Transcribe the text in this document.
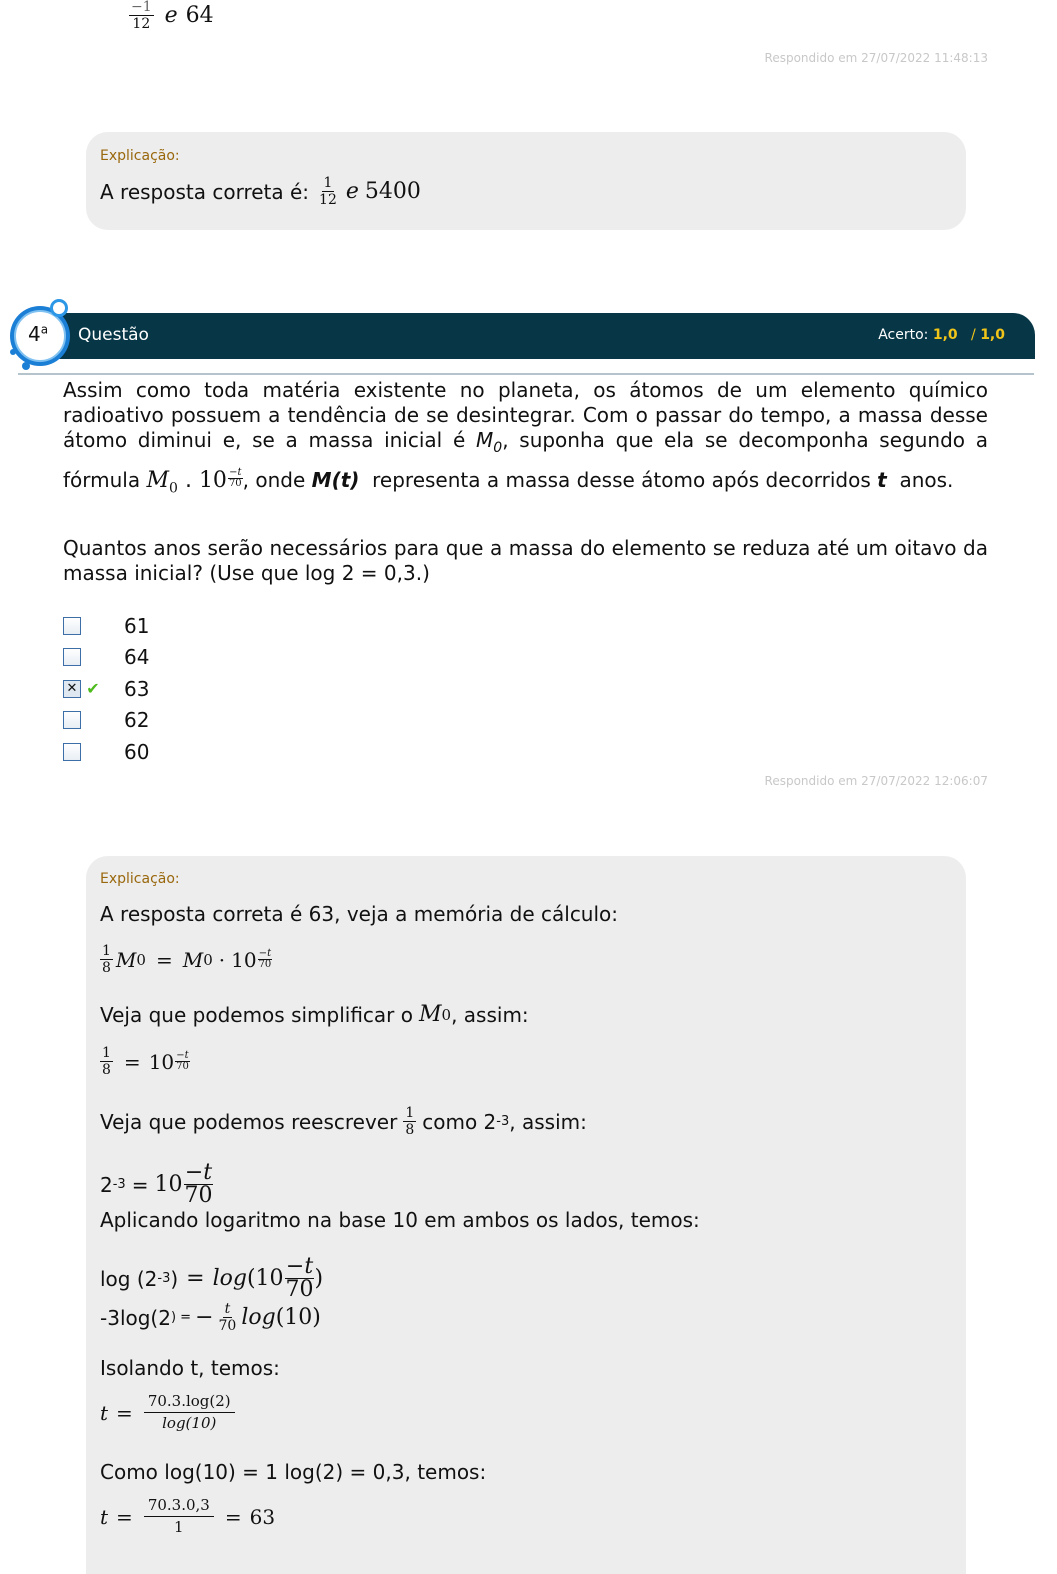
$\frac{-1}{12}$ e 64
Respondido em 27/07/2022 11:48:13
Explicação:
A resposta correta é: $\frac{1}{12}$ e 5400
Questão	Acerto: 1,0 / 1,0
4$^a$
Assim como toda matéria existente no planeta, os átomos de um elemento químico radioativo possuem a tendência de se desintegrar. Com o passar do tempo, a massa desse átomo diminui e, se a massa inicial é $M_0$, suponha que ela se decomponha segundo a fórmula $M_0$ . $10 \frac{-t}{70}$ , onde M(t) representa a massa desse átomo após decorridos t anos.
Quantos anos serão necessários para que a massa do elemento se reduza até um oitavo da massa inicial? (Use que log 2 = 0,3.)
61
64
✕ ✔ 63
62
60
Respondido em 27/07/2022 12:06:07
Explicação:
A resposta correta é 63, veja a memória de cálculo:
$\frac{1}{8}$ M 0 = M $0 \cdot 10 \frac{-t}{70}$
Veja que podemos simplificar o M 0 , assim:
$\frac{1}{8} = 10 \frac{-t}{70}$
Veja que podemos reescrever $\frac{1}{8}$ como 2 -3 , assim:
2 $-3 = 10 \frac{-t}{70}$
Aplicando logaritmo na base 10 em ambos os lados, temos:
log (2 -3 ) = $\log (10 \frac{-t}{70}$ )
-3log(2 ) = − $\frac{t}{70}$ log (10)
Isolando t, temos:
$t = \frac{70.3.\log(2)}{\log(10)}$
Como log(10) = 1 log(2) = 0,3, temos:
$t = \frac{70.3.0,3}{1} = 63$
